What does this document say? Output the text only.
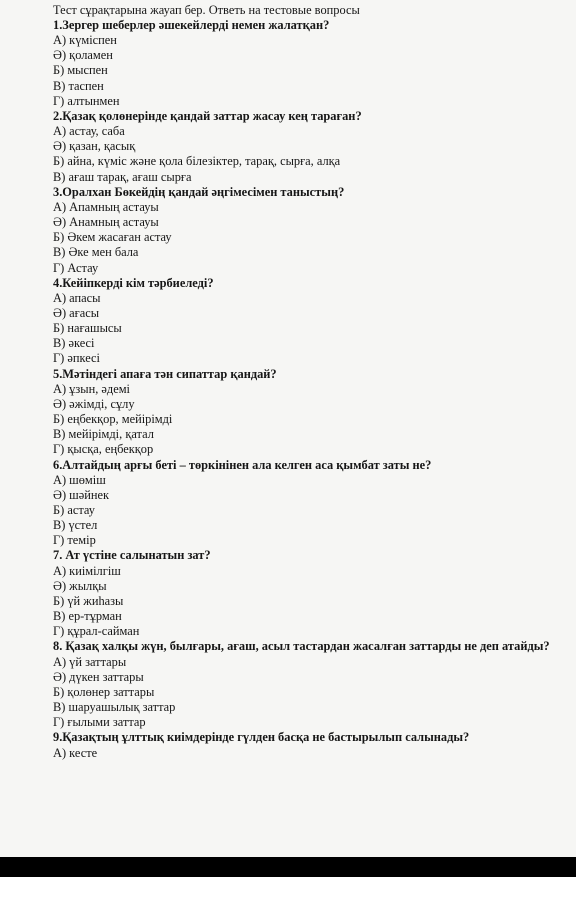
Тест сұрақтарына жауап бер. Ответь на тестовые вопросы
1.Зергер шеберлер әшекейлерді немен жалатқан?
А) күміспен
Ә) қоламен
Б) мыспен
В) таспен
Г) алтынмен
2.Қазақ қолөнерінде қандай заттар жасау кең тараған?
А) астау, саба
Ә) қазан, қасық
Б) айна, күміс және қола білезіктер, тарақ, сырға, алқа
В) ағаш тарақ, ағаш сырға
3.Оралхан Бөкейдің қандай әңгімесімен таныстың?
А) Апамның астауы
Ә) Анамның астауы
Б) Әкем жасаған астау
В) Әке мен бала
Г) Астау
4.Кейіпкерді кім тәрбиеледі?
А) апасы
Ә) ағасы
Б) нағашысы
В) әкесі
Г) әпкесі
5.Мәтіндегі апаға тән сипаттар қандай?
А) ұзын, әдемі
Ә) әжімді, сұлу
Б) еңбекқор, мейірімді
В) мейірімді, қатал
Г) қысқа, еңбекқор
6.Алтайдың арғы беті – төркінінен ала келген аса қымбат заты не?
А) шөміш
Ә) шәйнек
Б) астау
В) үстел
Г) темір
7. Ат үстіне салынатын зат?
А) киімілгіш
Ә) жылқы
Б) үй жиһазы
В) ер-тұрман
Г) құрал-сайман
8. Қазақ халқы жүн, былғары, ағаш, асыл тастардан жасалған заттарды не деп атайды?
А) үй заттары
Ә) дүкен заттары
Б) қолөнер заттары
В) шаруашылық заттар
Г) ғылыми заттар
9.Қазақтың ұлттық киімдерінде гүлден басқа не бастырылып салынады?
А) кесте
